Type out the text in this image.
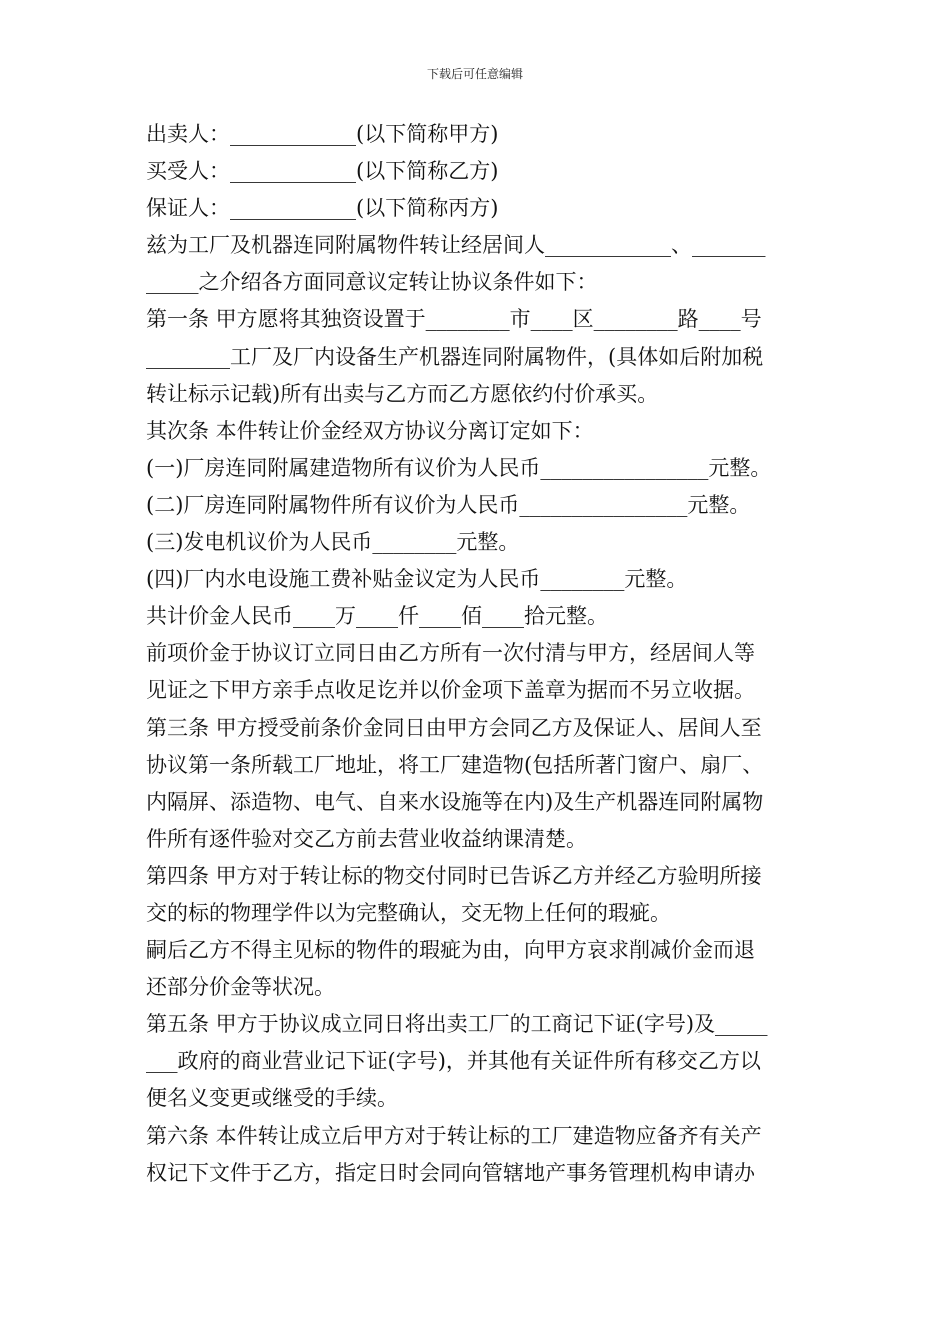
下载后可任意编辑
出卖人：____________(以下简称甲方)
买受人：____________(以下简称乙方)
保证人：____________(以下简称丙方)
兹为工厂及机器连同附属物件转让经居间人____________、_______
_____之介绍各方面同意议定转让协议条件如下：
第一条 甲方愿将其独资设置于________市____区________路____号
________工厂及厂内设备生产机器连同附属物件，(具体如后附加税
转让标示记载)所有出卖与乙方而乙方愿依约付价承买。
其次条 本件转让价金经双方协议分离订定如下：
(一)厂房连同附属建造物所有议价为人民币________________元整。
(二)厂房连同附属物件所有议价为人民币________________元整。
(三)发电机议价为人民币________元整。
(四)厂内水电设施工费补贴金议定为人民币________元整。
共计价金人民币____万____仟____佰____拾元整。
前项价金于协议订立同日由乙方所有一次付清与甲方，经居间人等
见证之下甲方亲手点收足讫并以价金项下盖章为据而不另立收据。
第三条 甲方授受前条价金同日由甲方会同乙方及保证人、居间人至
协议第一条所载工厂地址，将工厂建造物(包括所著门窗户、扇厂、
内隔屏、添造物、电气、自来水设施等在内)及生产机器连同附属物
件所有逐件验对交乙方前去营业收益纳课清楚。
第四条 甲方对于转让标的物交付同时已告诉乙方并经乙方验明所接
交的标的物理学件以为完整确认，交无物上任何的瑕疵。
嗣后乙方不得主见标的物件的瑕疵为由，向甲方哀求削减价金而退
还部分价金等状况。
第五条 甲方于协议成立同日将出卖工厂的工商记下证(字号)及_____
___政府的商业营业记下证(字号)，并其他有关证件所有移交乙方以
便名义变更或继受的手续。
第六条 本件转让成立后甲方对于转让标的工厂建造物应备齐有关产
权记下文件于乙方，指定日时会同向管辖地产事务管理机构申请办
